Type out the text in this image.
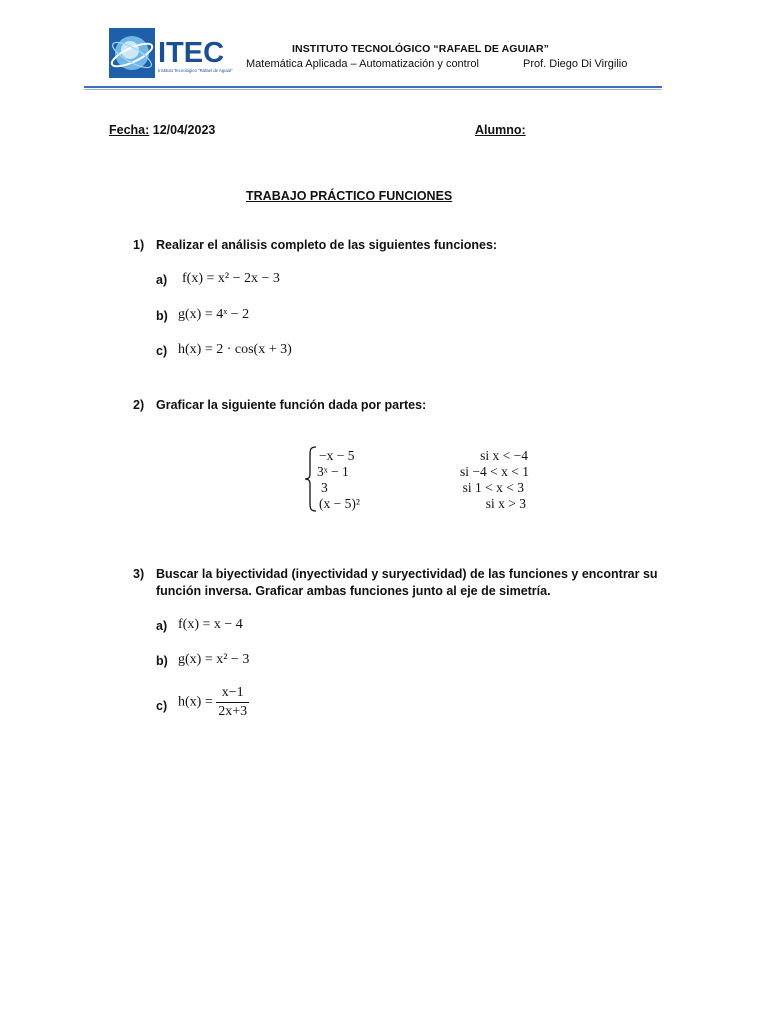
ITEC
Instituto Tecnológico "Rafael de Aguiar"
INSTITUTO TECNOLÓGICO “RAFAEL DE AGUIAR”
Matemática Aplicada – Automatización y control	Prof. Diego Di Virgilio
Fecha: 12/04/2023	Alumno:
TRABAJO PRÁCTICO FUNCIONES
1) Realizar el análisis completo de las siguientes funciones:
a) f(x) = x² − 2x − 3
b) g(x) = 4ˣ − 2
c) h(x) = 2 · cos(x + 3)
2) Graficar la siguiente función dada por partes:
−x − 5	si x < −4
3ˣ − 1	si −4 < x < 1
3	si 1 < x < 3
(x − 5)²	si x > 3
3) Buscar la biyectividad (inyectividad y suryectividad) de las funciones y encontrar su
función inversa. Graficar ambas funciones junto al eje de simetría.
a) f(x) = x − 4
b) g(x) = x² − 3
c) $h(x) = \frac{x-1}{2x+3}$
